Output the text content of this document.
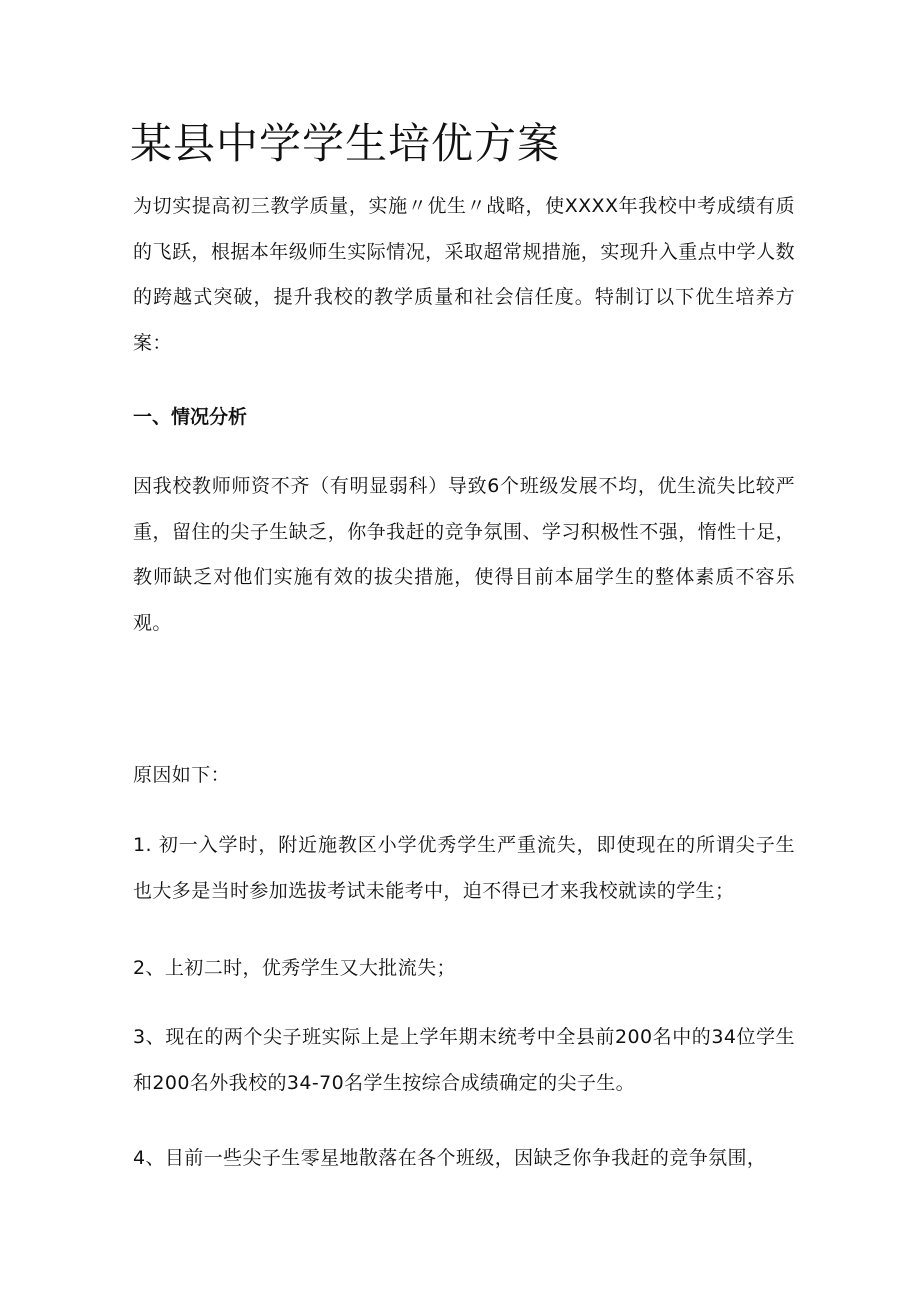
某县中学学生培优方案

为切实提高初三教学质量，实施〃优生〃战略，使XXXX年我校中考成绩有质的飞跃，根据本年级师生实际情况，采取超常规措施，实现升入重点中学人数的跨越式突破，提升我校的教学质量和社会信任度。特制订以下优生培养方案：

一、情况分析

因我校教师师资不齐（有明显弱科）导致6个班级发展不均，优生流失比较严重，留住的尖子生缺乏，你争我赶的竞争氛围、学习积极性不强，惰性十足，教师缺乏对他们实施有效的拔尖措施，使得目前本届学生的整体素质不容乐观。

原因如下：

1. 初一入学时，附近施教区小学优秀学生严重流失，即使现在的所谓尖子生也大多是当时参加选拔考试未能考中，迫不得已才来我校就读的学生；

2、上初二时，优秀学生又大批流失；

3、现在的两个尖子班实际上是上学年期末统考中全县前200名中的34位学生和200名外我校的34-70名学生按综合成绩确定的尖子生。

4、目前一些尖子生零星地散落在各个班级，因缺乏你争我赶的竞争氛围，
